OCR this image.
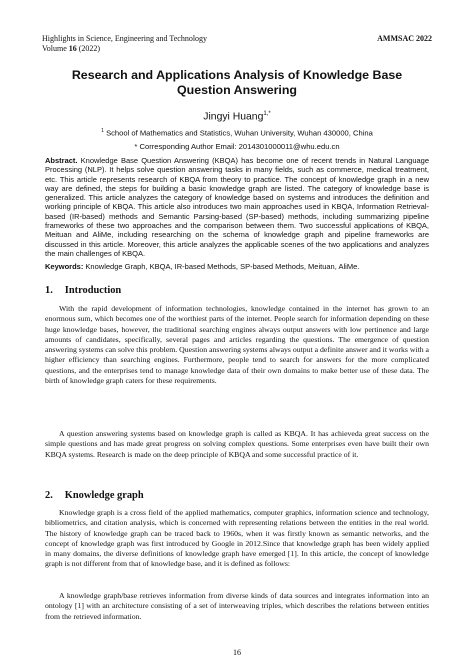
Highlights in Science, Engineering and Technology
Volume 16 (2022)
AMMSAC 2022
Research and Applications Analysis of Knowledge Base Question Answering
Jingyi Huang$^{1,*}$
$^1$ School of Mathematics and Statistics, Wuhan University, Wuhan 430000, China
* Corresponding Author Email: 2014301000011@whu.edu.cn

Abstract. Knowledge Base Question Answering (KBQA) has become one of recent trends in Natural Language Processing (NLP). It helps solve question answering tasks in many fields, such as commerce, medical treatment, etc. This article represents research of KBQA from theory to practice. The concept of knowledge graph in a new way are defined, the steps for building a basic knowledge graph are listed. The category of knowledge base is generalized. This article analyzes the category of knowledge based on systems and introduces the definition and working principle of KBQA. This article also introduces two main approaches used in KBQA, Information Retrieval-based (IR-based) methods and Semantic Parsing-based (SP-based) methods, including summarizing pipeline frameworks of these two approaches and the comparison between them. Two successful applications of KBQA, Meituan and AliMe, including researching on the schema of knowledge graph and pipeline frameworks are discussed in this article. Moreover, this article analyzes the applicable scenes of the two applications and analyzes the main challenges of KBQA.

Keywords: Knowledge Graph, KBQA, IR-based Methods, SP-based Methods, Meituan, AliMe.

1. Introduction

With the rapid development of information technologies, knowledge contained in the internet has grown to an enormous sum, which becomes one of the worthiest parts of the internet. People search for information depending on these huge knowledge bases, however, the traditional searching engines always output answers with low pertinence and large amounts of candidates, specifically, several pages and articles regarding the questions. The emergence of question answering systems can solve this problem. Question answering systems always output a definite answer and it works with a higher efficiency than searching engines. Furthermore, people tend to search for answers for the more complicated questions, and the enterprises tend to manage knowledge data of their own domains to make better use of these data. The birth of knowledge graph caters for these requirements.

A question answering systems based on knowledge graph is called as KBQA. It has achieveda great success on the simple questions and has made great progress on solving complex questions. Some enterprises even have built their own KBQA systems. Research is made on the deep principle of KBQA and some successful practice of it.

2. Knowledge graph

Knowledge graph is a cross field of the applied mathematics, computer graphics, information science and technology, bibliometrics, and citation analysis, which is concerned with representing relations between the entities in the real world. The history of knowledge graph can be traced back to 1960s, when it was firstly known as semantic networks, and the concept of knowledge graph was first introduced by Google in 2012.Since that knowledge graph has been widely applied in many domains, the diverse definitions of knowledge graph have emerged [1]. In this article, the concept of knowledge graph is not different from that of knowledge base, and it is defined as follows:

A knowledge graph/base retrieves information from diverse kinds of data sources and integrates information into an ontology [1] with an architecture consisting of a set of interweaving triples, which describes the relations between entities from the retrieved information.

16
